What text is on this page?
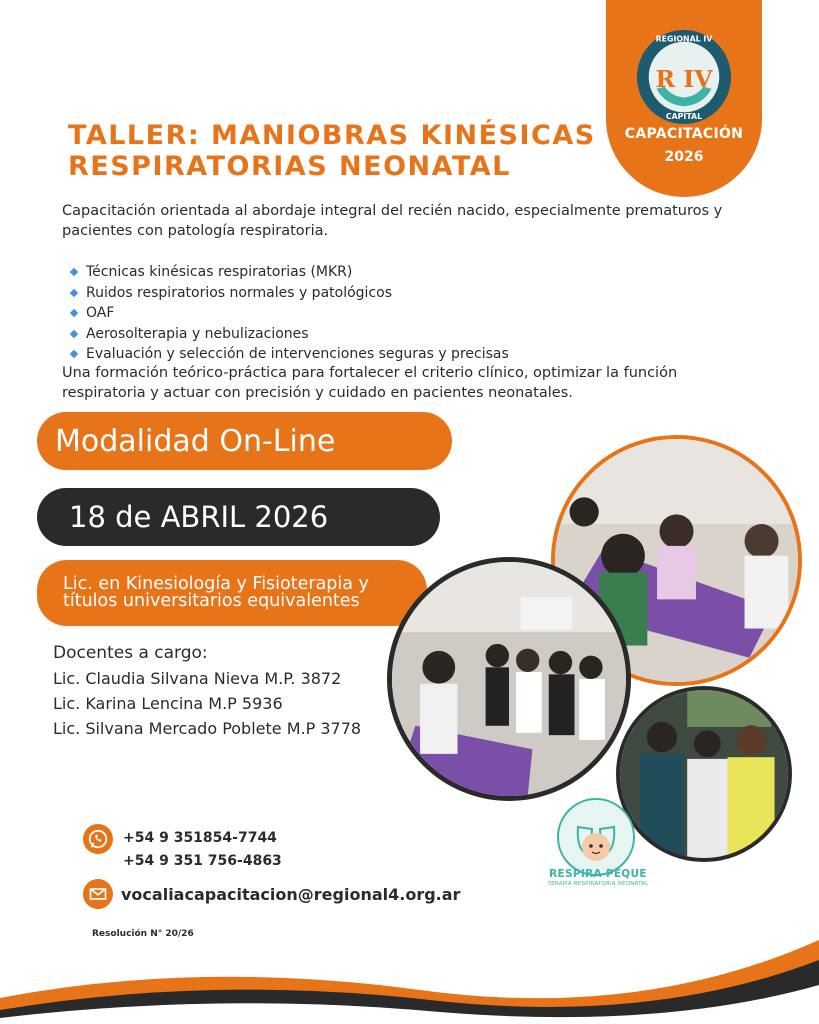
REGIONAL IV
CAPITAL
R IV
CAPACITACIÓN
2026
TALLER: MANIOBRAS KINÉSICAS
RESPIRATORIAS NEONATAL

Capacitación orientada al abordaje integral del recién nacido, especialmente prematuros y pacientes con patología respiratoria.

Técnicas kinésicas respiratorias (MKR)
Ruidos respiratorios normales y patológicos
OAF
Aerosolterapia y nebulizaciones
Evaluación y selección de intervenciones seguras y precisas

Una formación teórico-práctica para fortalecer el criterio clínico, optimizar la función respiratoria y actuar con precisión y cuidado en pacientes neonatales.

Modalidad On-Line
18 de ABRIL 2026
Lic. en Kinesiología y Fisioterapia y
títulos universitarios equivalentes
Docentes a cargo:
Lic. Claudia Silvana Nieva M.P. 3872
Lic. Karina Lencina M.P 5936
Lic. Silvana Mercado Poblete M.P 3778
RESPIRA PEQUE
TERAPIA RESPIRATORIA NEONATAL
+54 9 351854-7744
+54 9 351 756-4863
vocaliacapacitacion@regional4.org.ar
Resolución N° 20/26
